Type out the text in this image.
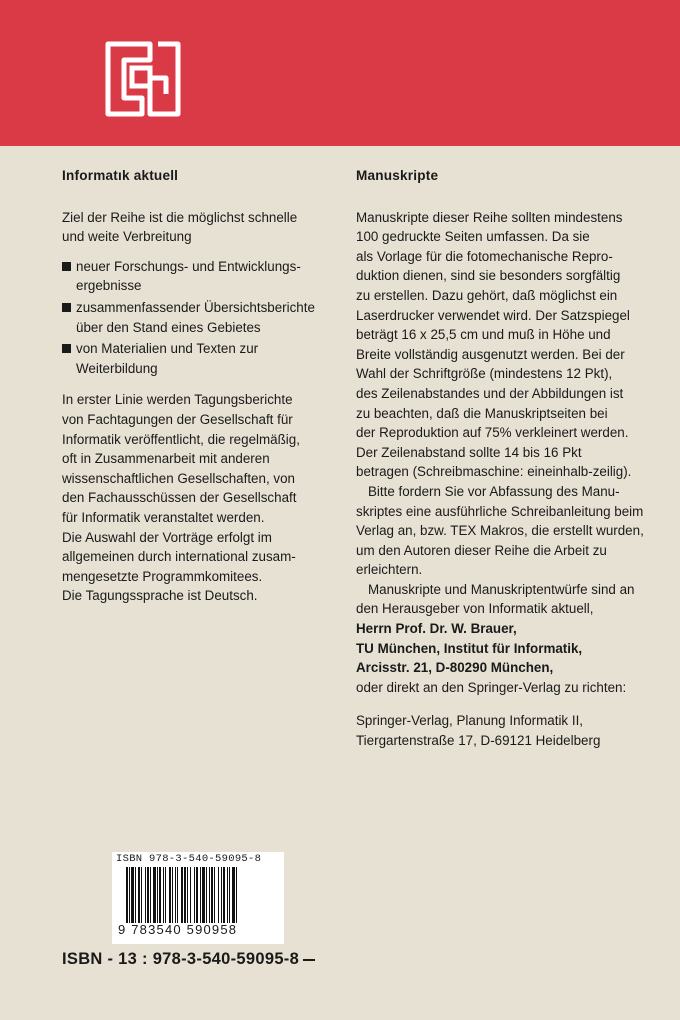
Informatık aktuell

Ziel der Reihe ist die möglichst schnelle
und weite Verbreitung

neuer Forschungs- und Entwicklungs-
ergebnisse
zusammenfassender Übersichtsberichte
über den Stand eines Gebietes
von Materialien und Texten zur
Weiterbildung

In erster Linie werden Tagungsberichte
von Fachtagungen der Gesellschaft für
Informatik veröffentlicht, die regelmäßig,
oft in Zusammenarbeit mit anderen
wissenschaftlichen Gesellschaften, von
den Fachausschüssen der Gesellschaft
für Informatik veranstaltet werden.
Die Auswahl der Vorträge erfolgt im
allgemeinen durch international zusam-
mengesetzte Programmkomitees.
Die Tagungssprache ist Deutsch.

Manuskripte

Manuskripte dieser Reihe sollten mindestens
100 gedruckte Seiten umfassen. Da sie
als Vorlage für die fotomechanische Repro-
duktion dienen, sind sie besonders sorgfältig
zu erstellen. Dazu gehört, daß möglichst ein
Laserdrucker verwendet wird. Der Satzspiegel
beträgt 16 x 25,5 cm und muß in Höhe und
Breite vollständig ausgenutzt werden. Bei der
Wahl der Schriftgröße (mindestens 12 Pkt),
des Zeilenabstandes und der Abbildungen ist
zu beachten, daß die Manuskriptseiten bei
der Reproduktion auf 75% verkleinert werden.
Der Zeilenabstand sollte 14 bis 16 Pkt
betragen (Schreibmaschine: eineinhalb-zeilig).

Bitte fordern Sie vor Abfassung des Manu-
skriptes eine ausführliche Schreibanleitung beim
Verlag an, bzw. TEX Makros, die erstellt wurden,
um den Autoren dieser Reihe die Arbeit zu
erleichtern.

Manuskripte und Manuskriptentwürfe sind an
den Herausgeber von Informatik aktuell,
Herrn Prof. Dr. W. Brauer,
TU München, Institut für Informatik,
Arcisstr. 21, D-80290 München,
oder direkt an den Springer-Verlag zu richten:

Springer-Verlag, Planung Informatik II,
Tiergartenstraße 17, D-69121 Heidelberg

ISBN 978-3-540-59095-8
9 783540 590958
ISBN - 13 : 978-3-540-59095-8
